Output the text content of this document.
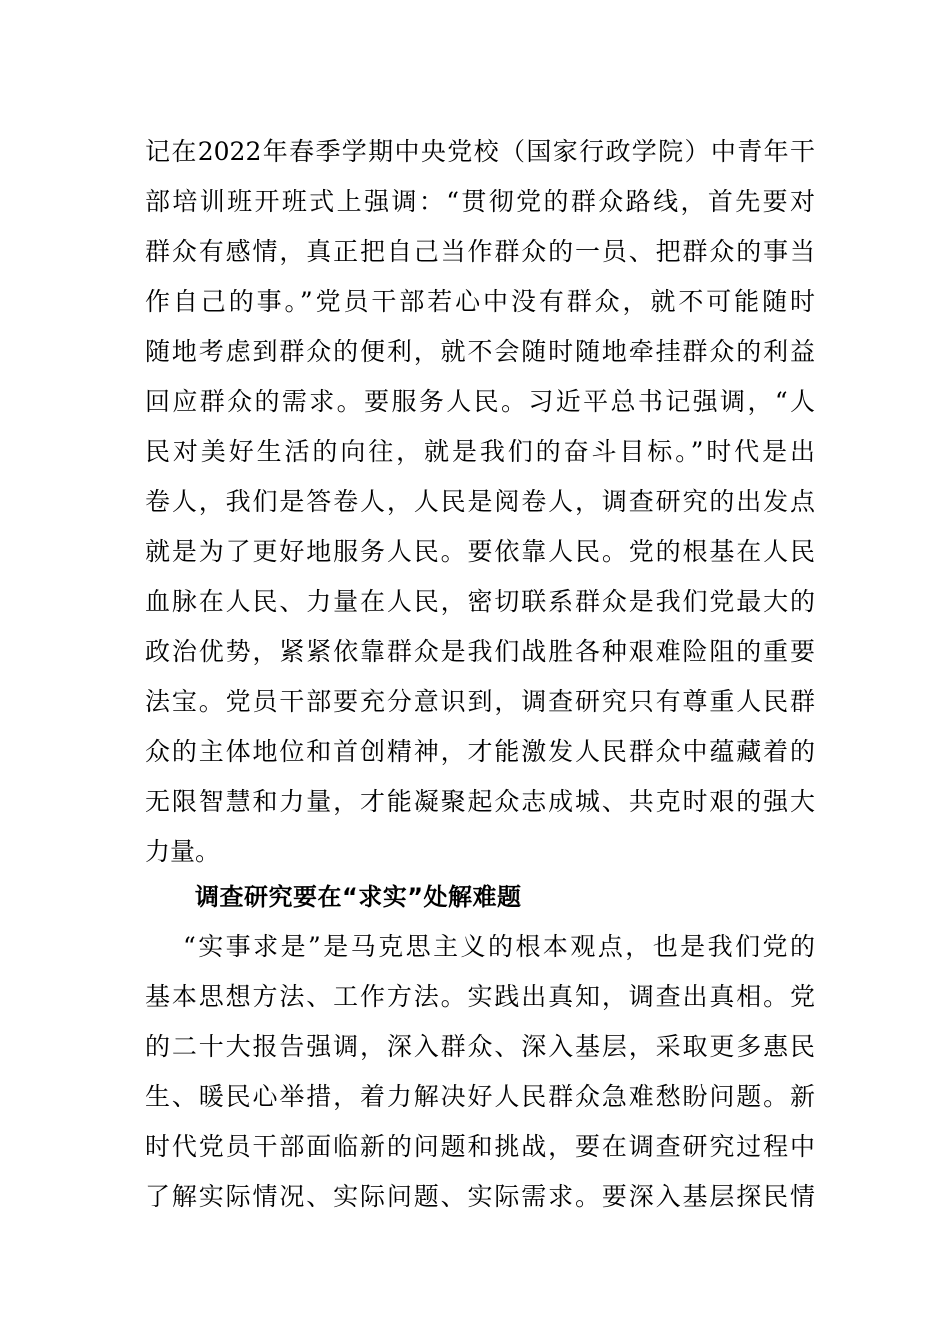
记在2022年春季学期中央党校（国家行政学院）中青年干
部培训班开班式上强调：“贯彻党的群众路线，首先要对
群众有感情，真正把自己当作群众的一员、把群众的事当
作自己的事。”党员干部若心中没有群众，就不可能随时
随地考虑到群众的便利，就不会随时随地牵挂群众的利益
回应群众的需求。要服务人民。习近平总书记强调，“人
民对美好生活的向往，就是我们的奋斗目标。”时代是出
卷人，我们是答卷人，人民是阅卷人，调查研究的出发点
就是为了更好地服务人民。要依靠人民。党的根基在人民
血脉在人民、力量在人民，密切联系群众是我们党最大的
政治优势，紧紧依靠群众是我们战胜各种艰难险阻的重要
法宝。党员干部要充分意识到，调查研究只有尊重人民群
众的主体地位和首创精神，才能激发人民群众中蕴藏着的
无限智慧和力量，才能凝聚起众志成城、共克时艰的强大
力量。
调查研究要在“求实”处解难题
“实事求是”是马克思主义的根本观点，也是我们党的
基本思想方法、工作方法。实践出真知，调查出真相。党
的二十大报告强调，深入群众、深入基层，采取更多惠民
生、暖民心举措，着力解决好人民群众急难愁盼问题。新
时代党员干部面临新的问题和挑战，要在调查研究过程中
了解实际情况、实际问题、实际需求。要深入基层探民情
